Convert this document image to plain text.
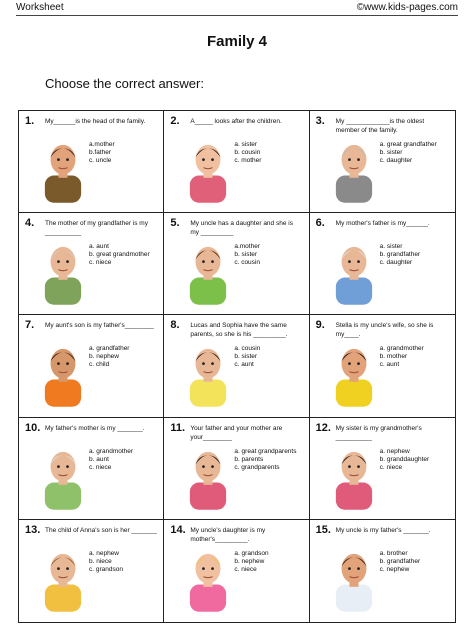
Worksheet	©www.kids-pages.com
Family 4
Choose the correct answer:
1. My______is the head of the family.
a.mother
b.father
c. uncle
2. A_____ looks after the children.
a. sister
b. cousin
c. mother
3. My ____________is the oldest member of the family.
a. great grandfather
b. sister
c. daughter
4. The mother of my grandfather is my __________
a. aunt
b. great grandmother
c. niece
5. My uncle has a daughter and she is my _________
a.mother
b. sister
c. cousin
6. My mother's father is my______.
a. sister
b. grandfather
c. daughter
7. My aunt's son is my father's________
a. grandfather
b. nephew
c. child
8. Lucas and Sophia have the same parents, so she is his _________.
a. cousin
b. sister
c. aunt
9. Stella is my uncle's wife, so she is my____.
a. grandmother
b. mother
c. aunt
10. My father's mother is my _______.
a. grandmother
b. aunt
c. niece
11. Your father and your mother are your________
a. great grandparents
b. parents
c. grandparents
12. My sister is my grandmother's __________
a. nephew
b. granddaughter
c. niece
13. The child of Anna's son is her _______
a. nephew
b. niece
c. grandson
14. My uncle's daughter is my mother's_________.
a. grandson
b. nephew
c. niece
15. My uncle is my father's _______.
a. brother
b. grandfather
c. nephew
